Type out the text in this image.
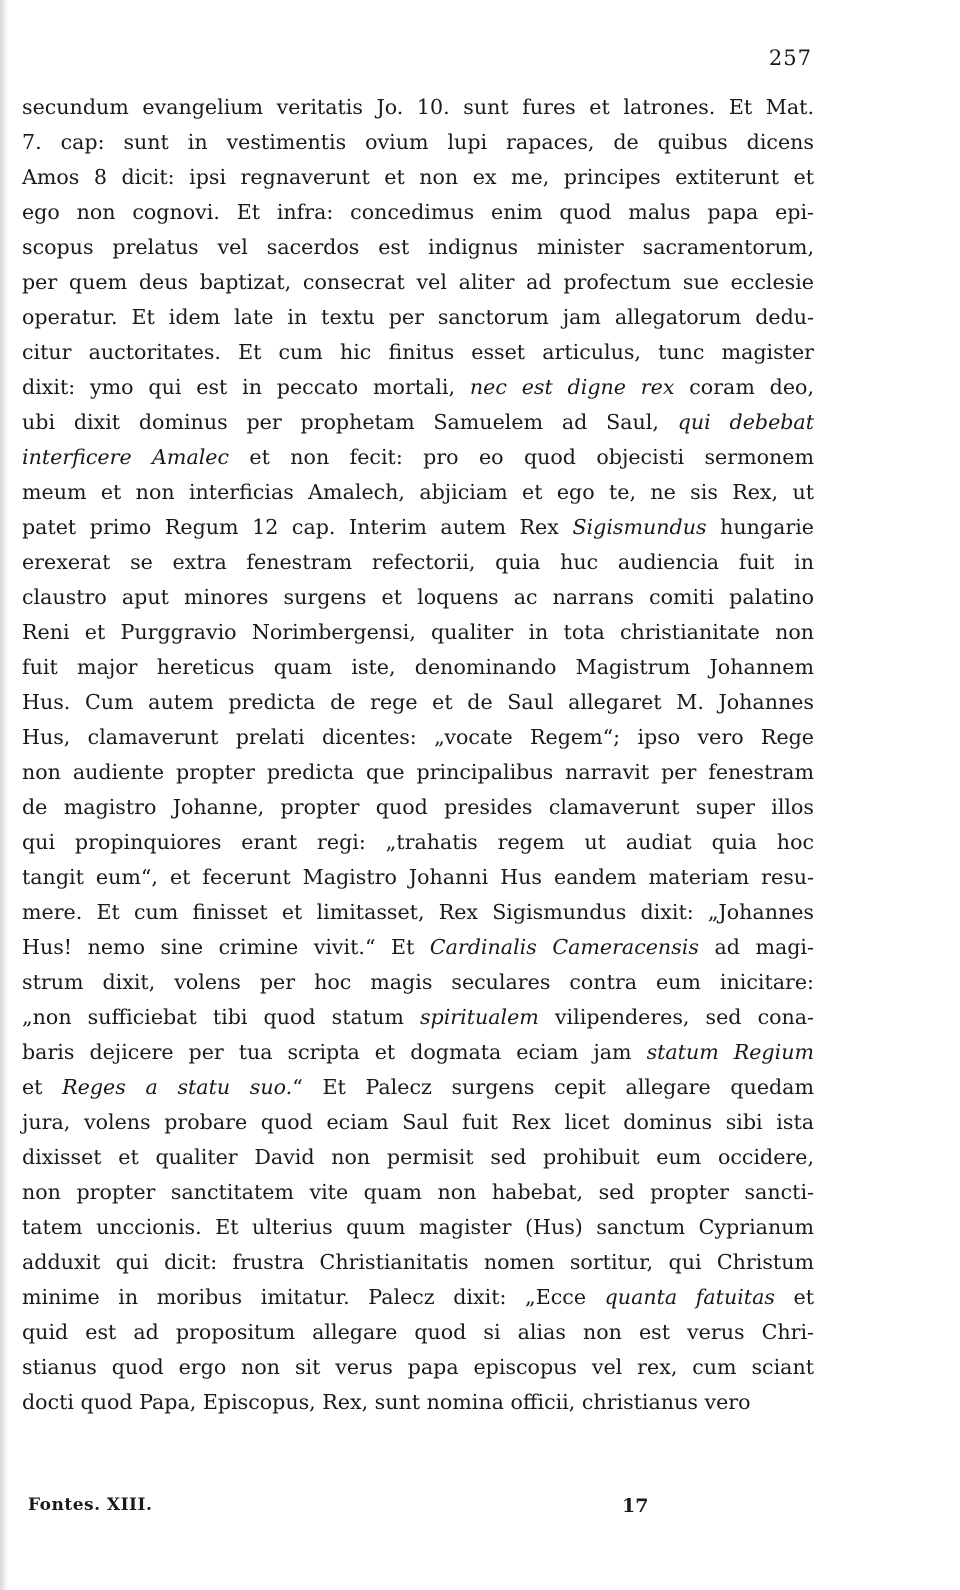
257
secundum evangelium veritatis Jo. 10. sunt fures et latrones. Et Mat.
7. cap: sunt in vestimentis ovium lupi rapaces, de quibus dicens
Amos 8 dicit: ipsi regnaverunt et non ex me, principes extiterunt et
ego non cognovi. Et infra: concedimus enim quod malus papa epi-
scopus prelatus vel sacerdos est indignus minister sacramentorum,
per quem deus baptizat, consecrat vel aliter ad profectum sue ecclesie
operatur. Et idem late in textu per sanctorum jam allegatorum dedu-
citur auctoritates. Et cum hic finitus esset articulus, tunc magister
dixit: ymo qui est in peccato mortali, nec est digne rex coram deo,
ubi dixit dominus per prophetam Samuelem ad Saul, qui debebat
interficere Amalec et non fecit: pro eo quod objecisti sermonem
meum et non interficias Amalech, abjiciam et ego te, ne sis Rex, ut
patet primo Regum 12 cap. Interim autem Rex Sigismundus hungarie
erexerat se extra fenestram refectorii, quia huc audiencia fuit in
claustro aput minores surgens et loquens ac narrans comiti palatino
Reni et Purggravio Norimbergensi, qualiter in tota christianitate non
fuit major hereticus quam iste, denominando Magistrum Johannem
Hus. Cum autem predicta de rege et de Saul allegaret M. Johannes
Hus, clamaverunt prelati dicentes: „vocate Regem“; ipso vero Rege
non audiente propter predicta que principalibus narravit per fenestram
de magistro Johanne, propter quod presides clamaverunt super illos
qui propinquiores erant regi: „trahatis regem ut audiat quia hoc
tangit eum“, et fecerunt Magistro Johanni Hus eandem materiam resu-
mere. Et cum finisset et limitasset, Rex Sigismundus dixit: „Johannes
Hus! nemo sine crimine vivit.“ Et Cardinalis Cameracensis ad magi-
strum dixit, volens per hoc magis seculares contra eum inicitare:
„non sufficiebat tibi quod statum spiritualem vilipenderes, sed cona-
baris dejicere per tua scripta et dogmata eciam jam statum Regium
et Reges a statu suo.“ Et Palecz surgens cepit allegare quedam
jura, volens probare quod eciam Saul fuit Rex licet dominus sibi ista
dixisset et qualiter David non permisit sed prohibuit eum occidere,
non propter sanctitatem vite quam non habebat, sed propter sancti-
tatem unccionis. Et ulterius quum magister (Hus) sanctum Cyprianum
adduxit qui dicit: frustra Christianitatis nomen sortitur, qui Christum
minime in moribus imitatur. Palecz dixit: „Ecce quanta fatuitas et
quid est ad propositum allegare quod si alias non est verus Chri-
stianus quod ergo non sit verus papa episcopus vel rex, cum sciant
docti quod Papa, Episcopus, Rex, sunt nomina officii, christianus vero
Fontes. XIII.	17
